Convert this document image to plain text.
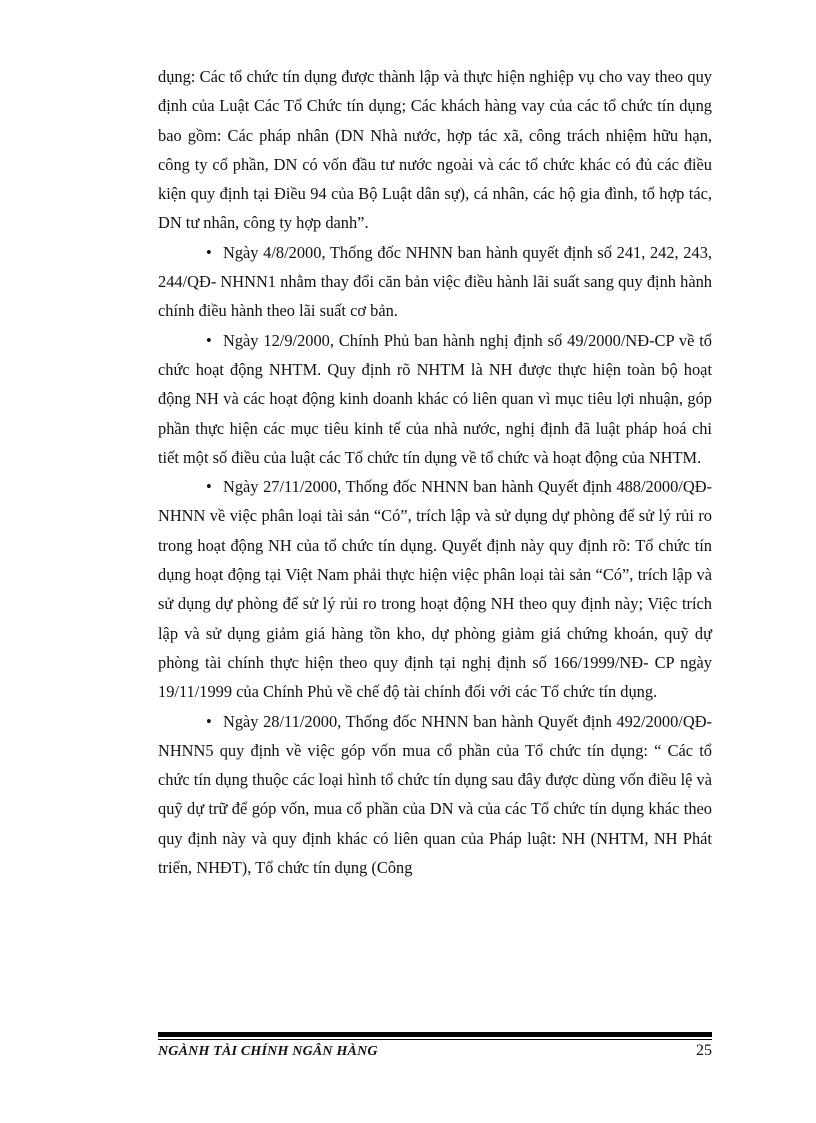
dụng: Các tổ chức tín dụng được thành lập và thực hiện nghiệp vụ cho vay theo quy định của Luật Các Tổ Chức tín dụng; Các khách hàng vay của các tổ chức tín dụng bao gồm: Các pháp nhân (DN Nhà nước, hợp tác xã, công trách nhiệm hữu hạn, công ty cổ phần, DN có vốn đầu tư nước ngoài và các tổ chức khác có đủ các điều kiện quy định tại Điều 94 của Bộ Luật dân sự), cá nhân, các hộ gia đình, tổ hợp tác, DN tư nhân, công ty hợp danh”.

• Ngày 4/8/2000, Thống đốc NHNN ban hành quyết định số 241, 242, 243, 244/QĐ- NHNN1 nhằm thay đổi căn bản việc điều hành lãi suất sang quy định hành chính điều hành theo lãi suất cơ bản.

• Ngày 12/9/2000, Chính Phủ ban hành nghị định số 49/2000/NĐ-CP về tổ chức hoạt động NHTM. Quy định rõ NHTM là NH được thực hiện toàn bộ hoạt động NH và các hoạt động kinh doanh khác có liên quan vì mục tiêu lợi nhuận, góp phần thực hiện các mục tiêu kinh tế của nhà nước, nghị định đã luật pháp hoá chi tiết một số điều của luật các Tổ chức tín dụng về tổ chức và hoạt động của NHTM.

• Ngày 27/11/2000, Thống đốc NHNN ban hành Quyết định 488/2000/QĐ- NHNN về việc phân loại tài sản “Có”, trích lập và sử dụng dự phòng để sử lý rủi ro trong hoạt động NH của tổ chức tín dụng. Quyết định này quy định rõ: Tổ chức tín dụng hoạt động tại Việt Nam phải thực hiện việc phân loại tài sản “Có”, trích lập và sử dụng dự phòng để sử lý rủi ro trong hoạt động NH theo quy định này; Việc trích lập và sử dụng giảm giá hàng tồn kho, dự phòng giảm giá chứng khoán, quỹ dự phòng tài chính thực hiện theo quy định tại nghị định số 166/1999/NĐ- CP ngày 19/11/1999 của Chính Phủ về chế độ tài chính đối với các Tổ chức tín dụng.

• Ngày 28/11/2000, Thống đốc NHNN ban hành Quyết định 492/2000/QĐ- NHNN5 quy định về việc góp vốn mua cổ phần của Tổ chức tín dụng: “ Các tổ chức tín dụng thuộc các loại hình tổ chức tín dụng sau đây được dùng vốn điều lệ và quỹ dự trữ để góp vốn, mua cổ phần của DN và của các Tổ chức tín dụng khác theo quy định này và quy định khác có liên quan của Pháp luật: NH (NHTM, NH Phát triển, NHĐT), Tổ chức tín dụng (Công

NGÀNH TÀI CHÍNH NGÂN HÀNG	25
